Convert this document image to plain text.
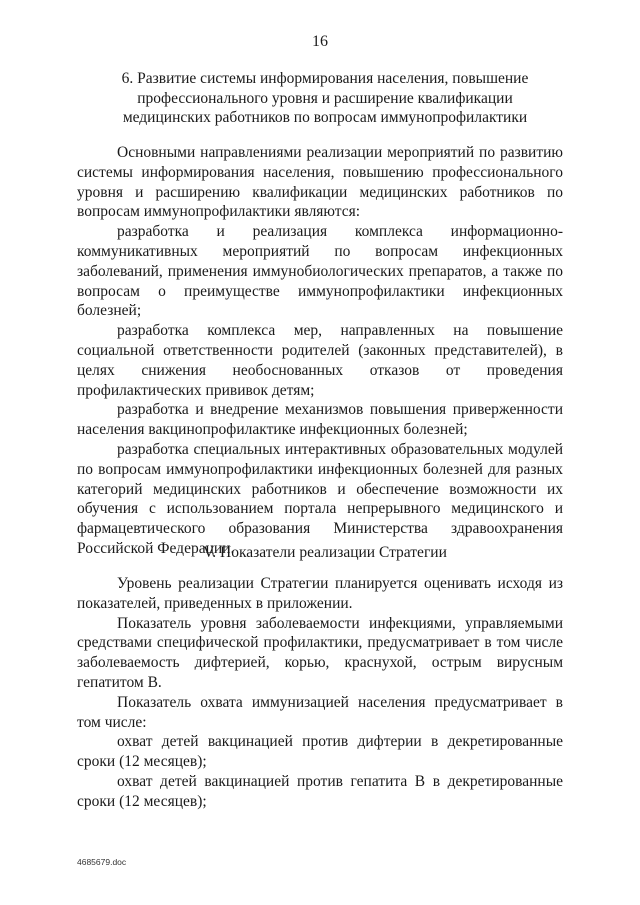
16
6. Развитие системы информирования населения, повышение профессионального уровня и расширение квалификации медицинских работников по вопросам иммунопрофилактики

Основными направлениями реализации мероприятий по развитию системы информирования населения, повышению профессионального уровня и расширению квалификации медицинских работников по вопросам иммунопрофилактики являются:

разработка и реализация комплекса информационно-коммуникативных мероприятий по вопросам инфекционных заболеваний, применения иммунобиологических препаратов, а также по вопросам о преимуществе иммунопрофилактики инфекционных болезней;

разработка комплекса мер, направленных на повышение социальной ответственности родителей (законных представителей), в целях снижения необоснованных отказов от проведения профилактических прививок детям;

разработка и внедрение механизмов повышения приверженности населения вакцинопрофилактике инфекционных болезней;

разработка специальных интерактивных образовательных модулей по вопросам иммунопрофилактики инфекционных болезней для разных категорий медицинских работников и обеспечение возможности их обучения с использованием портала непрерывного медицинского и фармацевтического образования Министерства здравоохранения Российской Федерации.

V. Показатели реализации Стратегии

Уровень реализации Стратегии планируется оценивать исходя из показателей, приведенных в приложении.

Показатель уровня заболеваемости инфекциями, управляемыми средствами специфической профилактики, предусматривает в том числе заболеваемость дифтерией, корью, краснухой, острым вирусным гепатитом В.

Показатель охвата иммунизацией населения предусматривает в том числе:

охват детей вакцинацией против дифтерии в декретированные сроки (12 месяцев);

охват детей вакцинацией против гепатита В в декретированные сроки (12 месяцев);

4685679.doc
